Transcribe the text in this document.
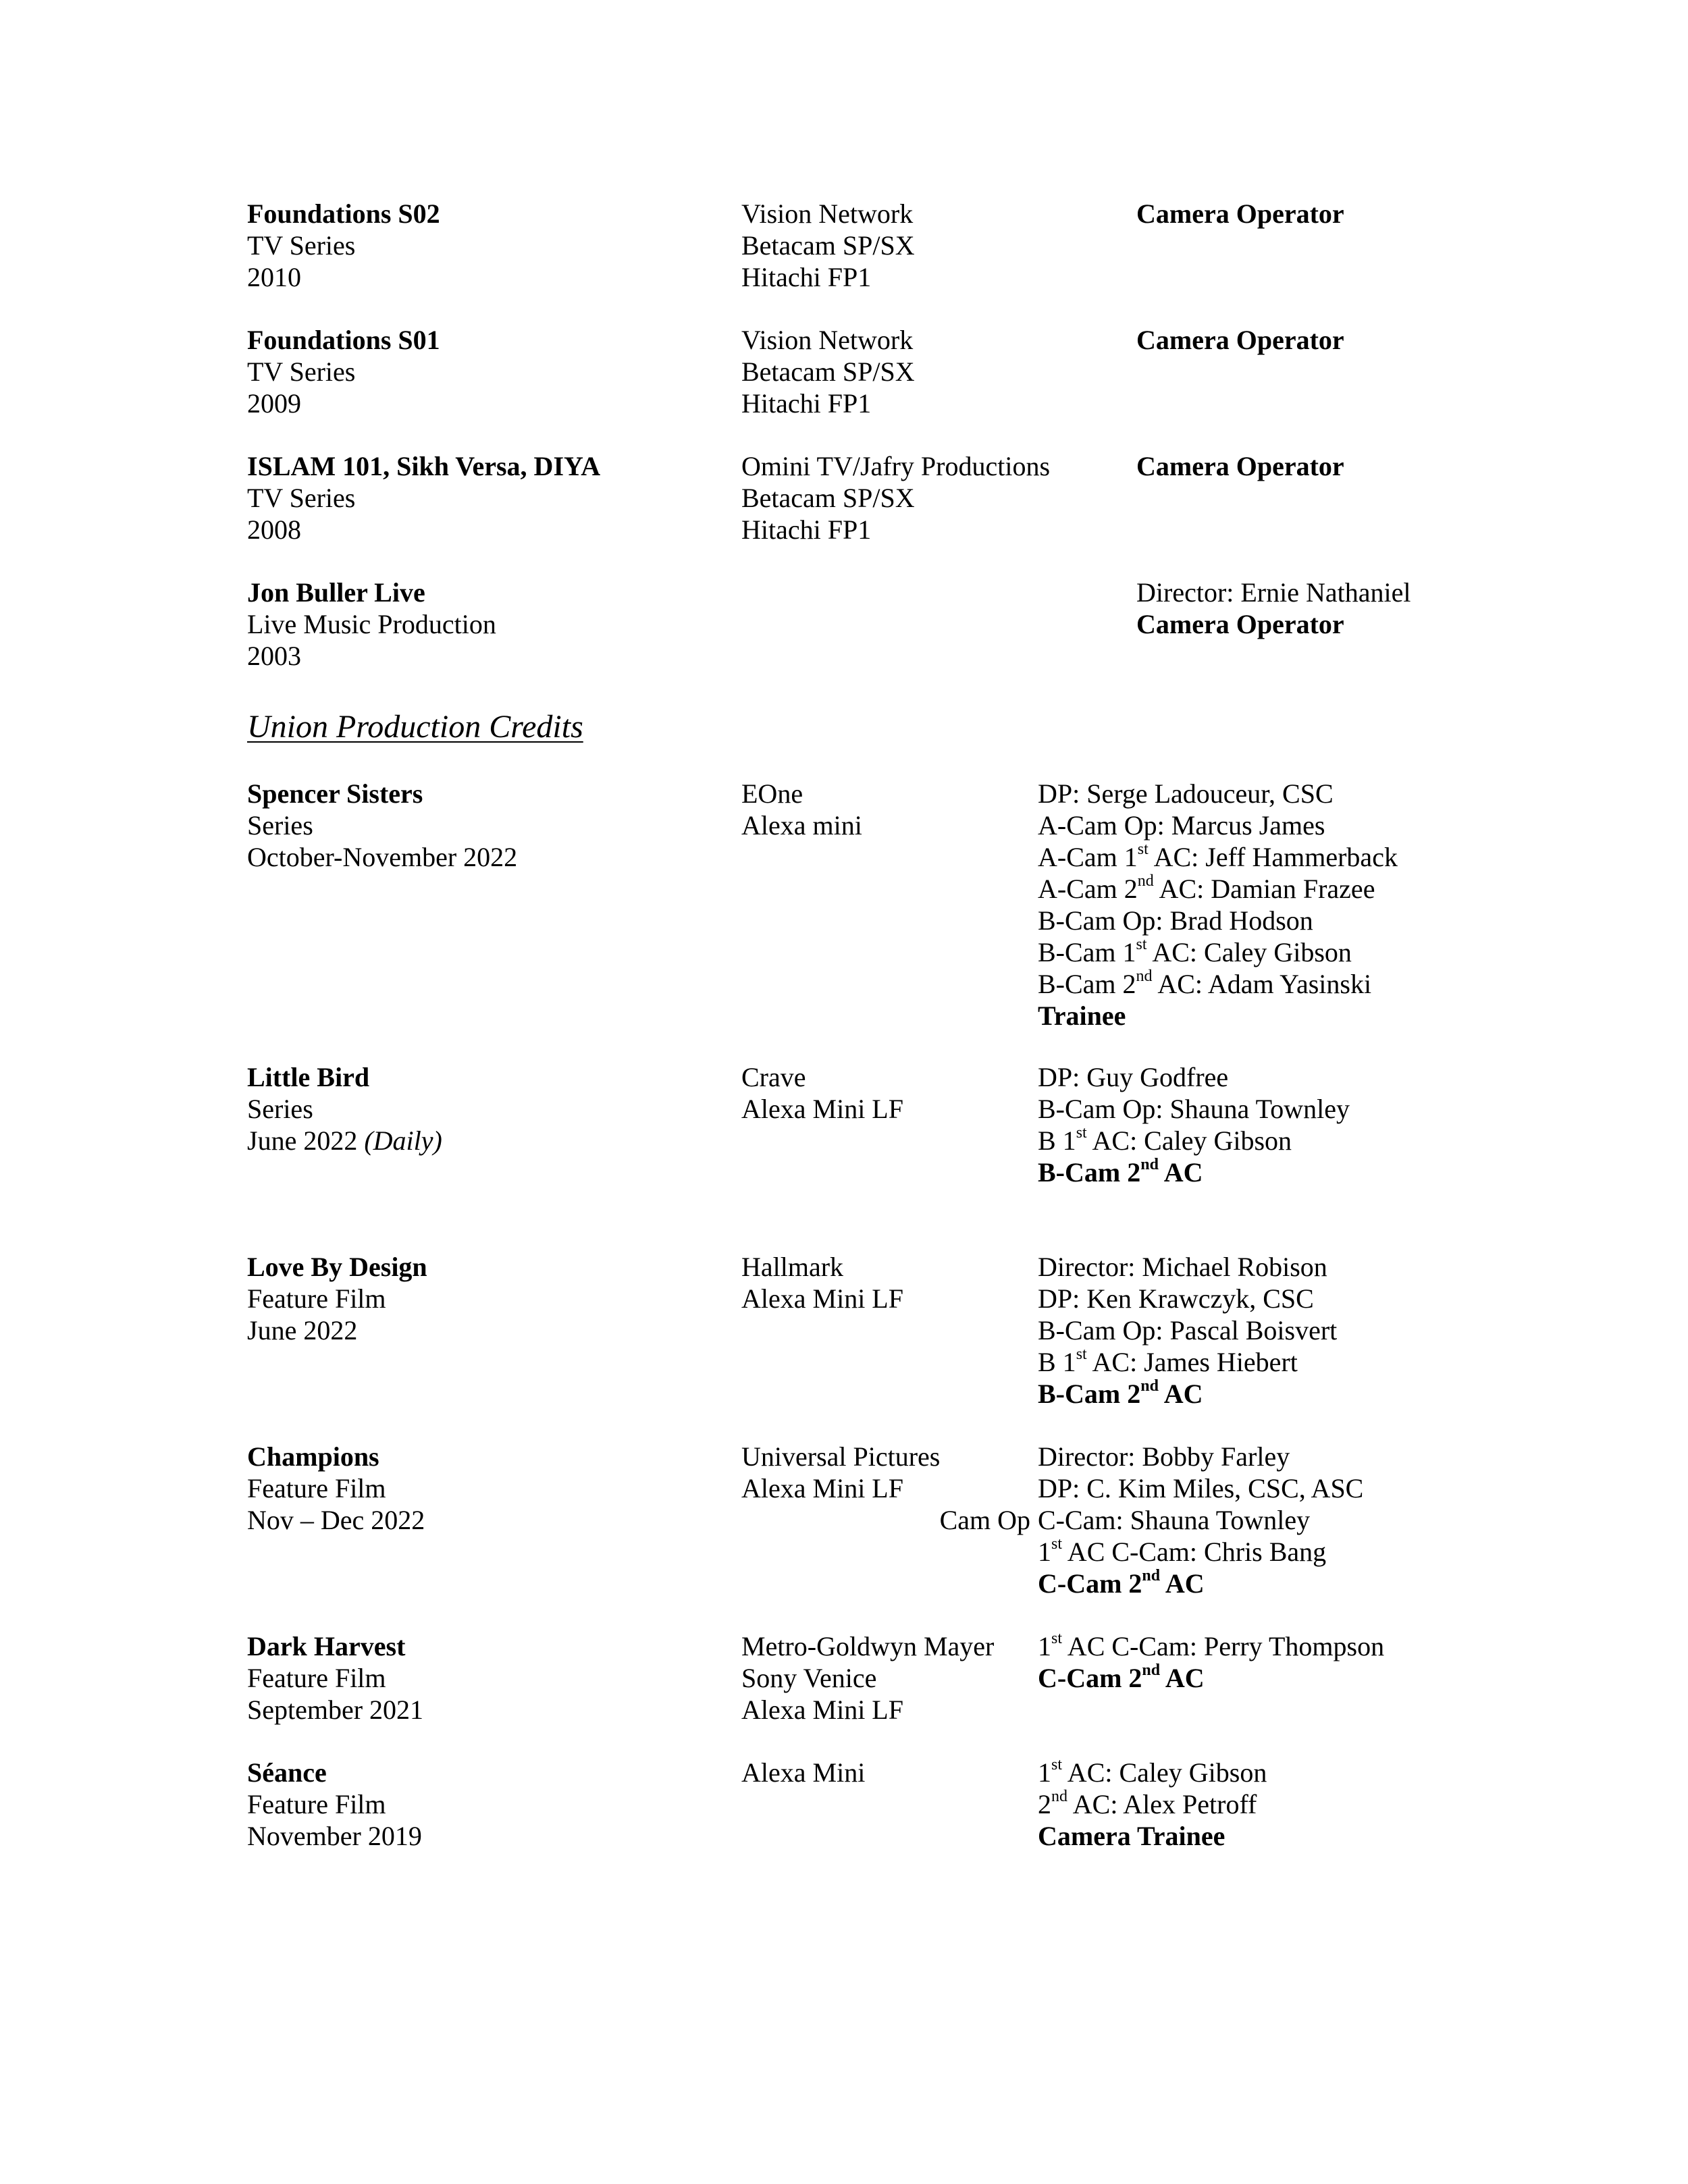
Foundations S02
TV Series
2010
Vision Network
Betacam SP/SX
Hitachi FP1
Camera Operator
Foundations S01
TV Series
2009
Vision Network
Betacam SP/SX
Hitachi FP1
Camera Operator
ISLAM 101, Sikh Versa, DIYA
TV Series
2008
Omini TV/Jafry Productions
Betacam SP/SX
Hitachi FP1
Camera Operator
Jon Buller Live
Live Music Production
2003
Director: Ernie Nathaniel
Camera Operator
Union Production Credits
Spencer Sisters
Series
October-November 2022
EOne
Alexa mini
DP: Serge Ladouceur, CSC
A-Cam Op: Marcus James
A-Cam 1st AC: Jeff Hammerback
A-Cam 2nd AC: Damian Frazee
B-Cam Op: Brad Hodson
B-Cam 1st AC: Caley Gibson
B-Cam 2nd AC: Adam Yasinski
Trainee
Little Bird
Series
June 2022 (Daily)
Crave
Alexa Mini LF
DP: Guy Godfree
B-Cam Op: Shauna Townley
B 1st AC: Caley Gibson
B-Cam 2nd AC
Love By Design
Feature Film
June 2022
Hallmark
Alexa Mini LF
Director: Michael Robison
DP: Ken Krawczyk, CSC
B-Cam Op: Pascal Boisvert
B 1st AC: James Hiebert
B-Cam 2nd AC
Champions
Feature Film
Nov – Dec 2022
Universal Pictures
Alexa Mini LF
Cam Op
Director: Bobby Farley
DP: C. Kim Miles, CSC, ASC
C-Cam: Shauna Townley
1st AC C-Cam: Chris Bang
C-Cam 2nd AC
Dark Harvest
Feature Film
September 2021
Metro-Goldwyn Mayer
Sony Venice
Alexa Mini LF
1st AC C-Cam: Perry Thompson
C-Cam 2nd AC
Séance
Feature Film
November 2019
Alexa Mini	1st AC: Caley Gibson
2nd AC: Alex Petroff
Camera Trainee
